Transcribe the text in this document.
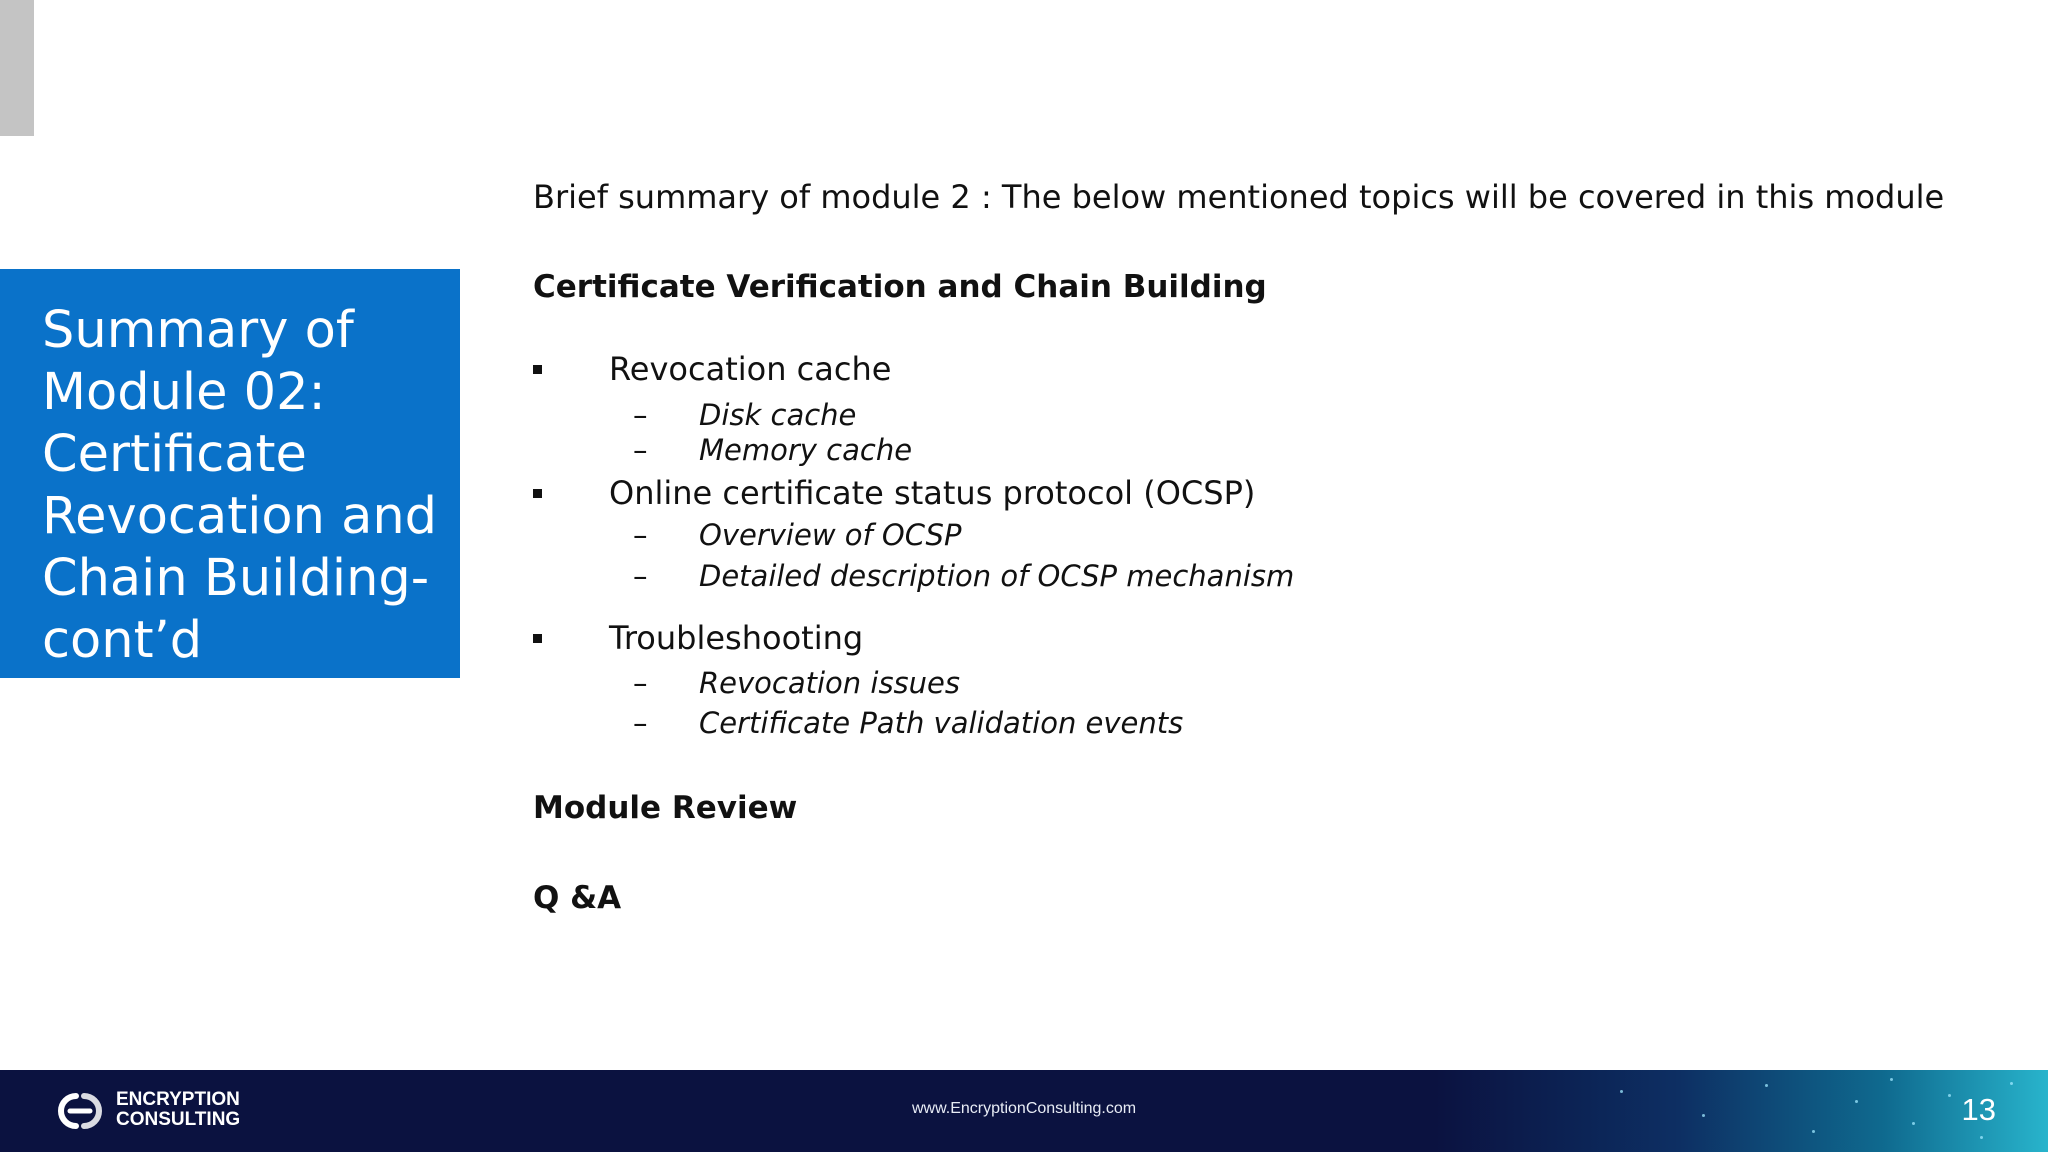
Summary of
Module 02:
Certificate
Revocation and
Chain Building-
cont’d
Brief summary of module 2 : The below mentioned topics will be covered in this module
Certificate Verification and Chain Building
Revocation cache
– Disk cache
– Memory cache
Online certificate status protocol (OCSP)
– Overview of OCSP
– Detailed description of OCSP mechanism
Troubleshooting
– Revocation issues
– Certificate Path validation events
Module Review
Q &A
ENCRYPTION
CONSULTING
www.EncryptionConsulting.com	13
